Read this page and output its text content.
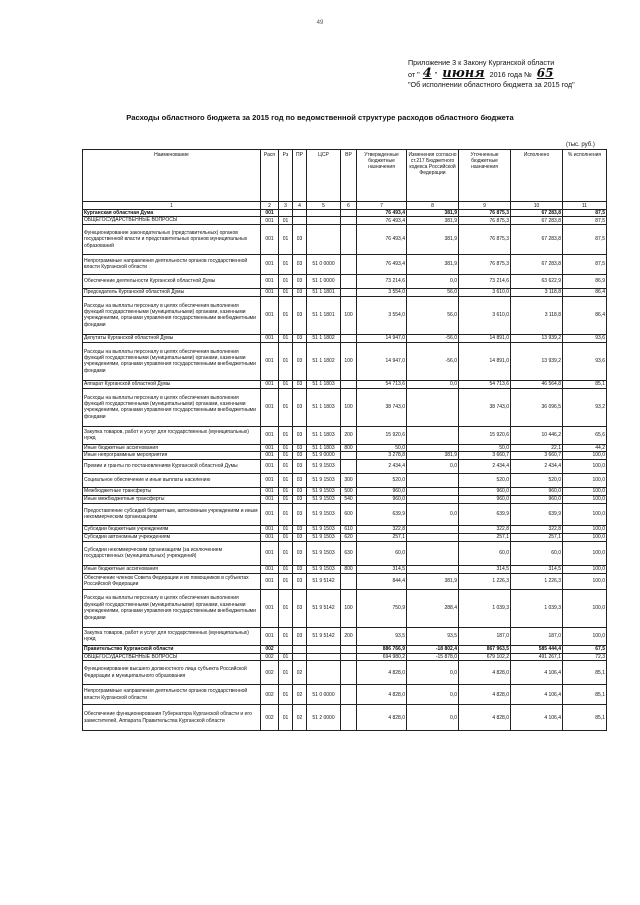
49
Приложение 3 к Закону Курганской области
от " 4 " июня 2016 года № 65
"Об исполнении областного бюджета за 2015 год"
Расходы областного бюджета за 2015 год по ведомственной структуре расходов областного бюджета
(тыс. руб.)
Наименование	Расп	Рз	ПР	ЦСР	ВР	Утвержденные бюджетные назначения	Изменения согласно ст.217 Бюджетного кодекса Российской Федерации	Уточненные бюджетные назначения	Исполнено	% исполнения
1	2	3	4	5	6	7	8	9	10	11
Курганская областная Дума	001					76 493,4	381,9	76 875,3	67 283,8	87,5
ОБЩЕГОСУДАРСТВЕННЫЕ ВОПРОСЫ	001	01				76 493,4	381,9	76 875,3	67 283,8	87,5
Функционирование законодательных (представительных) органов государственной власти и представительных органов муниципальных образований	001	01	03			76 493,4	381,9	76 875,3	67 283,8	87,5
Непрограммные направления деятельности органов государственной власти Курганской области	001	01	03	51 0 0000		76 493,4	381,9	76 875,3	67 283,8	87,5
Обеспечение деятельности Курганской областной Думы	001	01	03	51 1 0000		73 214,6	0,0	73 214,6	63 622,9	86,9
Председатель Курганской областной Думы	001	01	03	51 1 1801		3 554,0	56,0	3 610,0	3 118,8	86,4
Расходы на выплаты персоналу в целях обеспечения выполнения функций государственными (муниципальными) органами, казенными учреждениями, органами управления государственными внебюджетными фондами	001	01	03	51 1 1801	100	3 554,0	56,0	3 610,0	3 118,8	86,4
Депутаты Курганской областной Думы	001	01	03	51 1 1802		14 947,0	-56,0	14 891,0	13 939,2	93,6
Расходы на выплаты персоналу в целях обеспечения выполнения функций государственными (муниципальными) органами, казенными учреждениями, органами управления государственными внебюджетными фондами	001	01	03	51 1 1802	100	14 947,0	-56,0	14 891,0	13 939,2	93,6
Аппарат Курганской областной Думы	001	01	03	51 1 1803		54 713,6	0,0	54 713,6	46 564,8	85,1
Расходы на выплаты персоналу в целях обеспечения выполнения функций государственными (муниципальными) органами, казенными учреждениями, органами управления государственными внебюджетными фондами	001	01	03	51 1 1803	100	38 743,0		38 743,0	36 096,5	93,2
Закупка товаров, работ и услуг для государственных (муниципальных) нужд	001	01	03	51 1 1803	200	15 920,6		15 920,6	10 446,2	65,6
Иные бюджетные ассигнования	001	01	03	51 1 1803	800	50,0		50,0	22,1	44,2
Иные непрограммные мероприятия	001	01	03	51 9 0000		3 278,8	381,9	3 660,7	3 660,7	100,0
Премии и гранты по постановлениям Курганской областной Думы	001	01	03	51 9 1503		2 434,4	0,0	2 434,4	2 434,4	100,0
Социальное обеспечение и иные выплаты населению	001	01	03	51 9 1503	300	520,0		520,0	520,0	100,0
Межбюджетные трансферты	001	01	03	51 9 1503	500	960,0		960,0	960,0	100,0
Иные межбюджетные трансферты	001	01	03	51 9 1503	540	960,0		960,0	960,0	100,0
Предоставление субсидий бюджетным, автономным учреждениям и иным некоммерческим организациям	001	01	03	51 9 1503	600	639,9	0,0	639,9	639,9	100,0
Субсидии бюджетным учреждениям	001	01	03	51 9 1503	610	322,8		322,8	322,8	100,0
Субсидии автономным учреждениям	001	01	03	51 9 1503	620	257,1		257,1	257,1	100,0
Субсидии некоммерческим организациям (за исключением государственных (муниципальных) учреждений)	001	01	03	51 9 1503	630	60,0		60,0	60,0	100,0
Иные бюджетные ассигнования	001	01	03	51 9 1503	800	314,5		314,5	314,5	100,0
Обеспечение членов Совета Федерации и их помощников в субъектах Российской Федерации	001	01	03	51 9 5142		844,4	381,9	1 226,3	1 226,3	100,0
Расходы на выплаты персоналу в целях обеспечения выполнения функций государственными (муниципальными) органами, казенными учреждениями, органами управления государственными внебюджетными фондами	001	01	03	51 9 5142	100	750,9	288,4	1 039,3	1 039,3	100,0
Закупка товаров, работ и услуг для государственных (муниципальных) нужд	001	01	03	51 9 5142	200	93,5	93,5	187,0	187,0	100,0
Правительство Курганской области	002					886 766,9	-18 802,4	867 963,5	585 444,4	67,5
ОБЩЕГОСУДАРСТВЕННЫЕ ВОПРОСЫ	002	01				694 980,2	-15 878,0	679 102,2	491 267,1	72,3
Функционирование высшего должностного лица субъекта Российской Федерации и муниципального образования	002	01	02			4 828,0	0,0	4 828,0	4 106,4	85,1
Непрограммные направления деятельности органов государственной власти Курганской области	002	01	02	51 0 0000		4 828,0	0,0	4 828,0	4 106,4	85,1
Обеспечение функционирования Губернатора Курганской области и его заместителей, Аппарата Правительства Курганской области	002	01	02	51 2 0000		4 828,0	0,0	4 828,0	4 106,4	85,1
